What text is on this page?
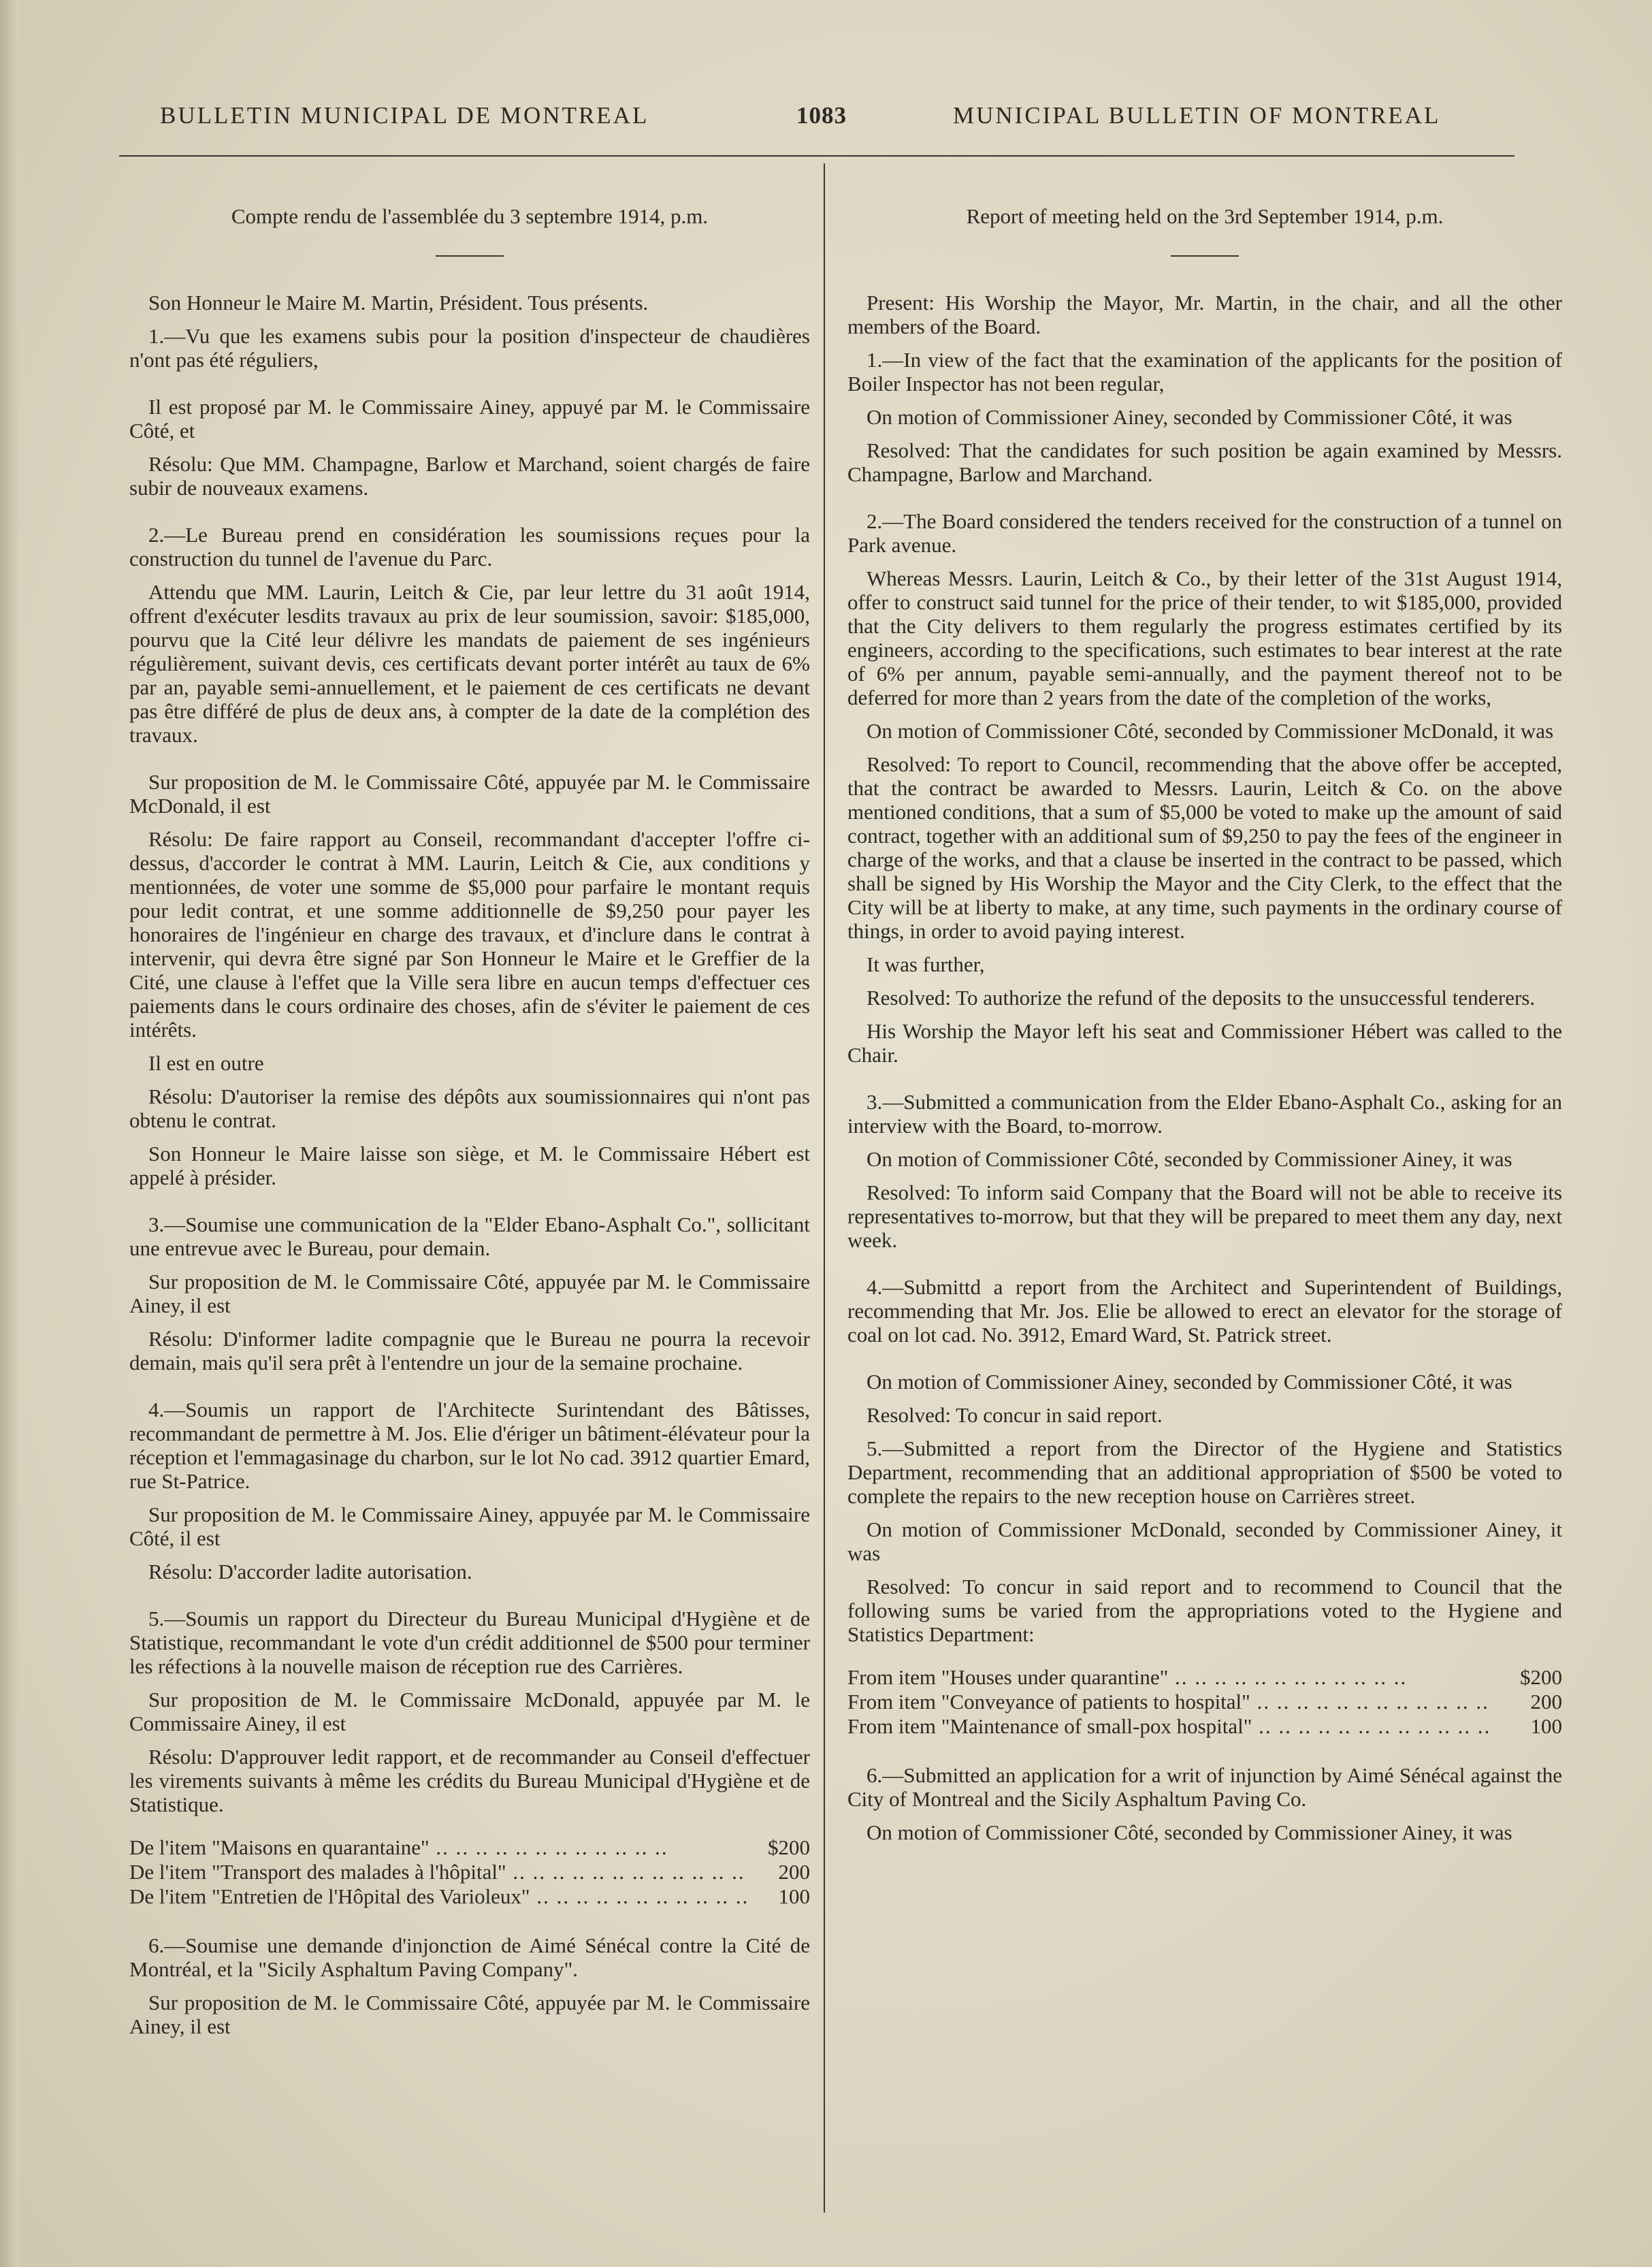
BULLETIN MUNICIPAL DE MONTREAL	1083	MUNICIPAL BULLETIN OF MONTREAL

Compte rendu de l'assemblée du 3 septembre 1914, p.m.

Son Honneur le Maire M. Martin, Président. Tous présents.

1.—Vu que les examens subis pour la position d'inspecteur de chaudières n'ont pas été réguliers,

Il est proposé par M. le Commissaire Ainey, appuyé par M. le Commissaire Côté, et

Résolu: Que MM. Champagne, Barlow et Marchand, soient chargés de faire subir de nouveaux examens.

2.—Le Bureau prend en considération les soumissions reçues pour la construction du tunnel de l'avenue du Parc.

Attendu que MM. Laurin, Leitch & Cie, par leur lettre du 31 août 1914, offrent d'exécuter lesdits travaux au prix de leur soumission, savoir: $185,000, pourvu que la Cité leur délivre les mandats de paiement de ses ingénieurs régulièrement, suivant devis, ces certificats devant porter intérêt au taux de 6% par an, payable semi-annuellement, et le paiement de ces certificats ne devant pas être différé de plus de deux ans, à compter de la date de la complétion des travaux.

Sur proposition de M. le Commissaire Côté, appuyée par M. le Commissaire McDonald, il est

Résolu: De faire rapport au Conseil, recommandant d'accepter l'offre ci-dessus, d'accorder le contrat à MM. Laurin, Leitch & Cie, aux conditions y mentionnées, de voter une somme de $5,000 pour parfaire le montant requis pour ledit contrat, et une somme additionnelle de $9,250 pour payer les honoraires de l'ingénieur en charge des travaux, et d'inclure dans le contrat à intervenir, qui devra être signé par Son Honneur le Maire et le Greffier de la Cité, une clause à l'effet que la Ville sera libre en aucun temps d'effectuer ces paiements dans le cours ordinaire des choses, afin de s'éviter le paiement de ces intérêts.

Il est en outre

Résolu: D'autoriser la remise des dépôts aux soumissionnaires qui n'ont pas obtenu le contrat.

Son Honneur le Maire laisse son siège, et M. le Commissaire Hébert est appelé à présider.

3.—Soumise une communication de la "Elder Ebano-Asphalt Co.", sollicitant une entrevue avec le Bureau, pour demain.

Sur proposition de M. le Commissaire Côté, appuyée par M. le Commissaire Ainey, il est

Résolu: D'informer ladite compagnie que le Bureau ne pourra la recevoir demain, mais qu'il sera prêt à l'entendre un jour de la semaine prochaine.

4.—Soumis un rapport de l'Architecte Surintendant des Bâtisses, recommandant de permettre à M. Jos. Elie d'ériger un bâtiment-élévateur pour la réception et l'emmagasinage du charbon, sur le lot No cad. 3912 quartier Emard, rue St-Patrice.

Sur proposition de M. le Commissaire Ainey, appuyée par M. le Commissaire Côté, il est

Résolu: D'accorder ladite autorisation.

5.—Soumis un rapport du Directeur du Bureau Municipal d'Hygiène et de Statistique, recommandant le vote d'un crédit additionnel de $500 pour terminer les réfections à la nouvelle maison de réception rue des Carrières.

Sur proposition de M. le Commissaire McDonald, appuyée par M. le Commissaire Ainey, il est

Résolu: D'approuver ledit rapport, et de recommander au Conseil d'effectuer les virements suivants à même les crédits du Bureau Municipal d'Hygiène et de Statistique.

De l'item "Maisons en quarantaine" .. ..	$200
De l'item "Transport des malades à l'hôpital" .. ..	200
De l'item "Entretien de l'Hôpital des Varioleux" .. ..	100

6.—Soumise une demande d'injonction de Aimé Sénécal contre la Cité de Montréal, et la "Sicily Asphaltum Paving Company".

Sur proposition de M. le Commissaire Côté, appuyée par M. le Commissaire Ainey, il est

Report of meeting held on the 3rd September 1914, p.m.

Present: His Worship the Mayor, Mr. Martin, in the chair, and all the other members of the Board.

1.—In view of the fact that the examination of the applicants for the position of Boiler Inspector has not been regular,

On motion of Commissioner Ainey, seconded by Commissioner Côté, it was

Resolved: That the candidates for such position be again examined by Messrs. Champagne, Barlow and Marchand.

2.—The Board considered the tenders received for the construction of a tunnel on Park avenue.

Whereas Messrs. Laurin, Leitch & Co., by their letter of the 31st August 1914, offer to construct said tunnel for the price of their tender, to wit $185,000, provided that the City delivers to them regularly the progress estimates certified by its engineers, according to the specifications, such estimates to bear interest at the rate of 6% per annum, payable semi-annually, and the payment thereof not to be deferred for more than 2 years from the date of the completion of the works,

On motion of Commissioner Côté, seconded by Commissioner McDonald, it was

Resolved: To report to Council, recommending that the above offer be accepted, that the contract be awarded to Messrs. Laurin, Leitch & Co. on the above mentioned conditions, that a sum of $5,000 be voted to make up the amount of said contract, together with an additional sum of $9,250 to pay the fees of the engineer in charge of the works, and that a clause be inserted in the contract to be passed, which shall be signed by His Worship the Mayor and the City Clerk, to the effect that the City will be at liberty to make, at any time, such payments in the ordinary course of things, in order to avoid paying interest.

It was further,

Resolved: To authorize the refund of the deposits to the unsuccessful tenderers.

His Worship the Mayor left his seat and Commissioner Hébert was called to the Chair.

3.—Submitted a communication from the Elder Ebano-Asphalt Co., asking for an interview with the Board, to-morrow.

On motion of Commissioner Côté, seconded by Commissioner Ainey, it was

Resolved: To inform said Company that the Board will not be able to receive its representatives to-morrow, but that they will be prepared to meet them any day, next week.

4.—Submittd a report from the Architect and Superintendent of Buildings, recommending that Mr. Jos. Elie be allowed to erect an elevator for the storage of coal on lot cad. No. 3912, Emard Ward, St. Patrick street.

On motion of Commissioner Ainey, seconded by Commissioner Côté, it was

Resolved: To concur in said report.

5.—Submitted a report from the Director of the Hygiene and Statistics Department, recommending that an additional appropriation of $500 be voted to complete the repairs to the new reception house on Carrières street.

On motion of Commissioner McDonald, seconded by Commissioner Ainey, it was

Resolved: To concur in said report and to recommend to Council that the following sums be varied from the appropriations voted to the Hygiene and Statistics Department:

From item "Houses under quarantine" .. ..	$200
From item "Conveyance of patients to hospital" .. ..	200
From item "Maintenance of small-pox hospital" .. ..	100

6.—Submitted an application for a writ of injunction by Aimé Sénécal against the City of Montreal and the Sicily Asphaltum Paving Co.

On motion of Commissioner Côté, seconded by Commissioner Ainey, it was
